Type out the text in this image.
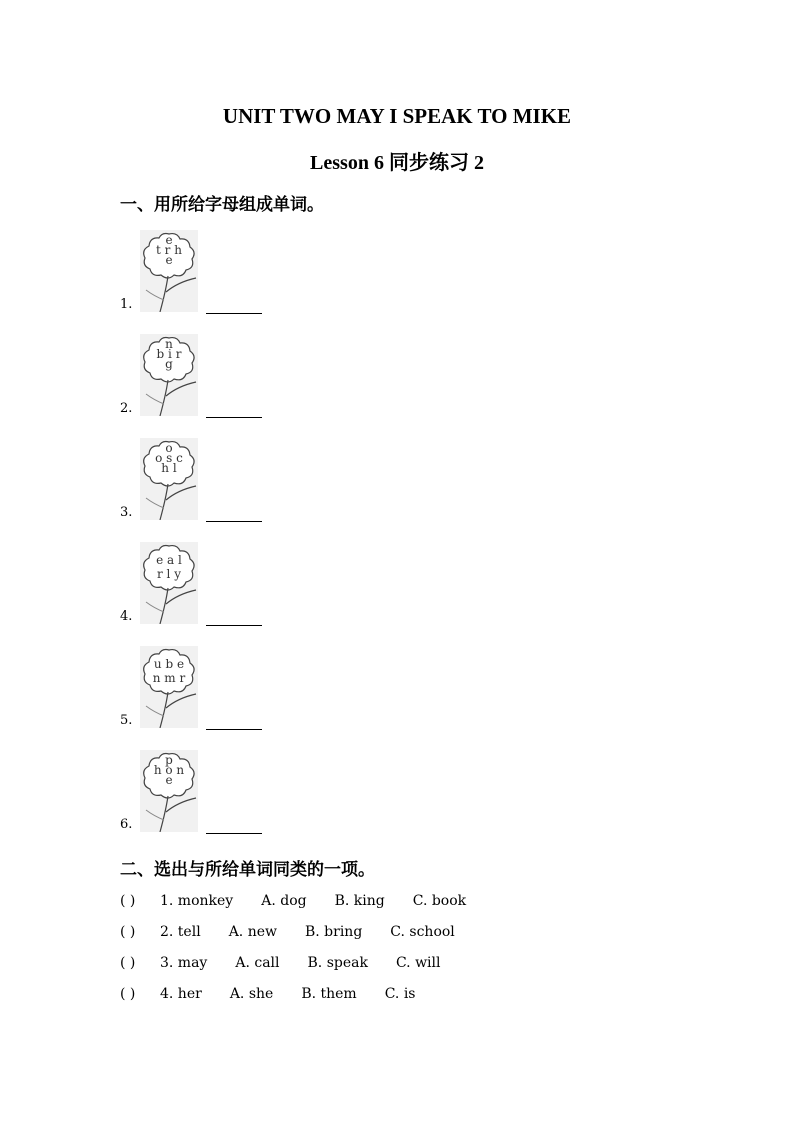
UNIT TWO MAY I SPEAK TO MIKE
Lesson 6 同步练习 2
一、用所给字母组成单词。
1.
e
t r h
e
2.
n
b i r
g
3.
o
o s c
h l
4.
e a l
r l y
5.
u b e
n m r
6.
p
h o n
e
二、选出与所给单词同类的一项。
( ) 1. monkey A. dog B. king C. book
( ) 2. tell A. new B. bring C. school
( ) 3. may A. call B. speak C. will
( ) 4. her A. she B. them C. is
